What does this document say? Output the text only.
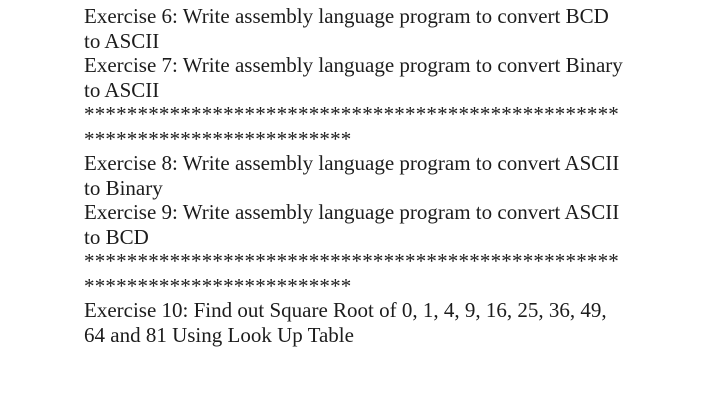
Exercise 6: Write assembly language program to convert BCD
to ASCII
Exercise 7: Write assembly language program to convert Binary
to ASCII
**************************************************
*************************
Exercise 8: Write assembly language program to convert ASCII
to Binary
Exercise 9: Write assembly language program to convert ASCII
to BCD
**************************************************
*************************
Exercise 10: Find out Square Root of 0, 1, 4, 9, 16, 25, 36, 49,
64 and 81 Using Look Up Table
